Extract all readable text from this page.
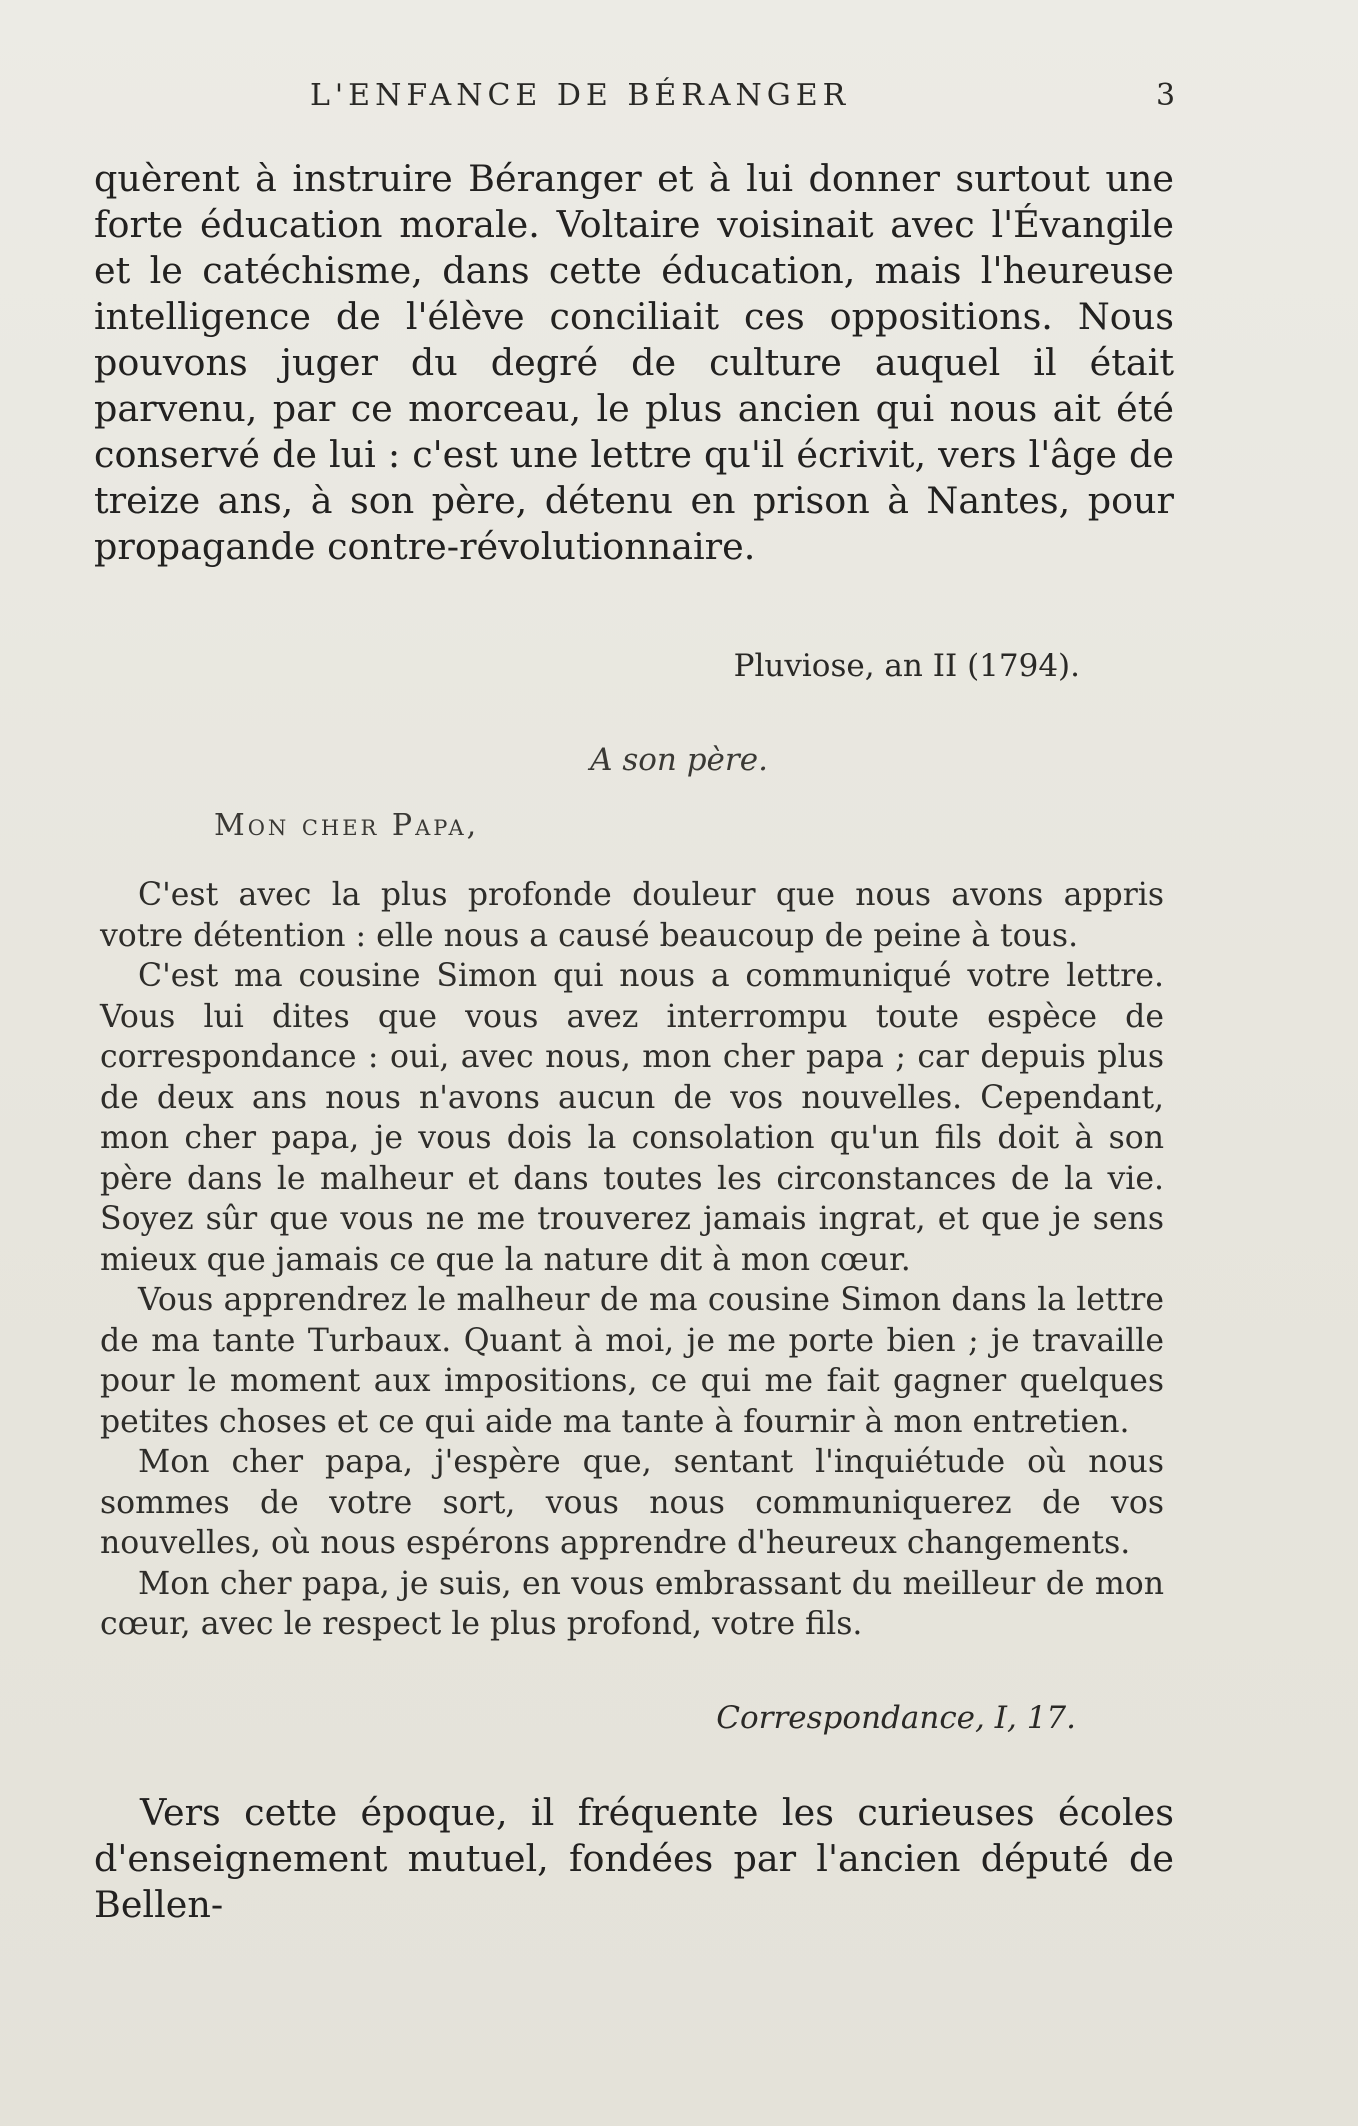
L'ENFANCE DE BÉRANGER	3

quèrent à instruire Béranger et à lui donner surtout une forte éducation morale. Voltaire voisinait avec l'Évangile et le catéchisme, dans cette éducation, mais l'heureuse intelligence de l'élève conciliait ces oppositions. Nous pouvons juger du degré de culture auquel il était parvenu, par ce morceau, le plus ancien qui nous ait été conservé de lui : c'est une lettre qu'il écrivit, vers l'âge de treize ans, à son père, détenu en prison à Nantes, pour propagande contre-révolutionnaire.

Pluviose, an II (1794).
A son père.
Mon cher Papa,

C'est avec la plus profonde douleur que nous avons appris votre détention : elle nous a causé beaucoup de peine à tous.

C'est ma cousine Simon qui nous a communiqué votre lettre. Vous lui dites que vous avez interrompu toute espèce de correspondance : oui, avec nous, mon cher papa ; car depuis plus de deux ans nous n'avons aucun de vos nouvelles. Cependant, mon cher papa, je vous dois la consolation qu'un fils doit à son père dans le malheur et dans toutes les circonstances de la vie. Soyez sûr que vous ne me trouverez jamais ingrat, et que je sens mieux que jamais ce que la nature dit à mon cœur.

Vous apprendrez le malheur de ma cousine Simon dans la lettre de ma tante Turbaux. Quant à moi, je me porte bien ; je travaille pour le moment aux impositions, ce qui me fait gagner quelques petites choses et ce qui aide ma tante à fournir à mon entretien.

Mon cher papa, j'espère que, sentant l'inquiétude où nous sommes de votre sort, vous nous communiquerez de vos nouvelles, où nous espérons apprendre d'heureux changements.

Mon cher papa, je suis, en vous embrassant du meilleur de mon cœur, avec le respect le plus profond, votre fils.

Correspondance, I, 17.

Vers cette époque, il fréquente les curieuses écoles d'enseignement mutuel, fondées par l'ancien député de Bellen-
